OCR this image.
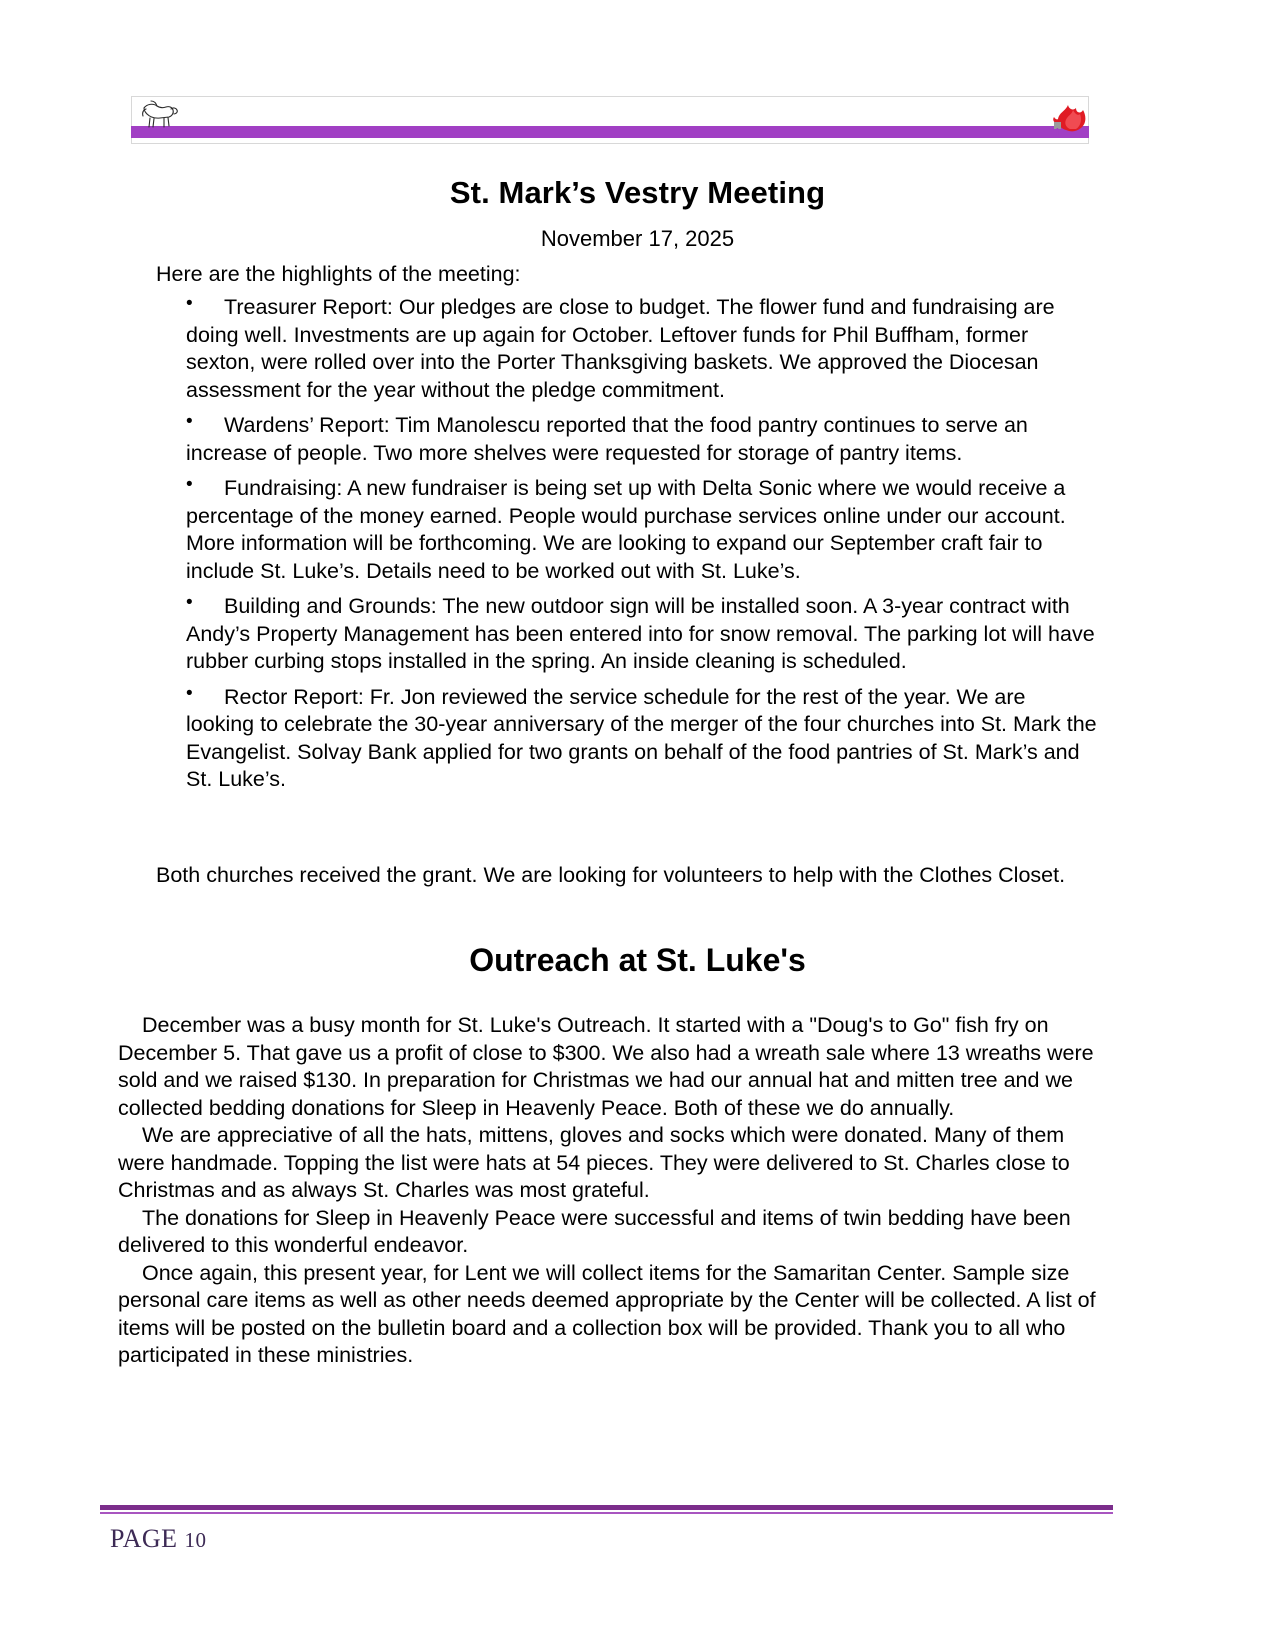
St. Mark’s Vestry Meeting
November 17, 2025
Here are the highlights of the meeting:
•	Treasurer Report: Our pledges are close to budget. The flower fund and fundraising are doing well. Investments are up again for October. Leftover funds for Phil Buffham, former sexton, were rolled over into the Porter Thanksgiving baskets. We approved the Diocesan assessment for the year without the pledge commitment.
•	Wardens’ Report: Tim Manolescu reported that the food pantry continues to serve an increase of people. Two more shelves were requested for storage of pantry items.
•	Fundraising: A new fundraiser is being set up with Delta Sonic where we would receive a percentage of the money earned. People would purchase services online under our account. More information will be forthcoming. We are looking to expand our September craft fair to include St. Luke’s. Details need to be worked out with St. Luke’s.
•	Building and Grounds: The new outdoor sign will be installed soon. A 3-year contract with Andy’s Property Management has been entered into for snow removal. The parking lot will have rubber curbing stops installed in the spring. An inside cleaning is scheduled.
•	Rector Report: Fr. Jon reviewed the service schedule for the rest of the year. We are looking to celebrate the 30-year anniversary of the merger of the four churches into St. Mark the Evangelist. Solvay Bank applied for two grants on behalf of the food pantries of St. Mark’s and St. Luke’s.
Both churches received the grant. We are looking for volunteers to help with the Clothes Closet.
Outreach at St. Luke's

December was a busy month for St. Luke's Outreach. It started with a "Doug's to Go" fish fry on December 5. That gave us a profit of close to $300. We also had a wreath sale where 13 wreaths were sold and we raised $130. In preparation for Christmas we had our annual hat and mitten tree and we collected bedding donations for Sleep in Heavenly Peace. Both of these we do annually.

We are appreciative of all the hats, mittens, gloves and socks which were donated. Many of them were handmade. Topping the list were hats at 54 pieces. They were delivered to St. Charles close to Christmas and as always St. Charles was most grateful.

The donations for Sleep in Heavenly Peace were successful and items of twin bedding have been delivered to this wonderful endeavor.

Once again, this present year, for Lent we will collect items for the Samaritan Center. Sample size personal care items as well as other needs deemed appropriate by the Center will be collected. A list of items will be posted on the bulletin board and a collection box will be provided. Thank you to all who participated in these ministries.

PAGE 10
